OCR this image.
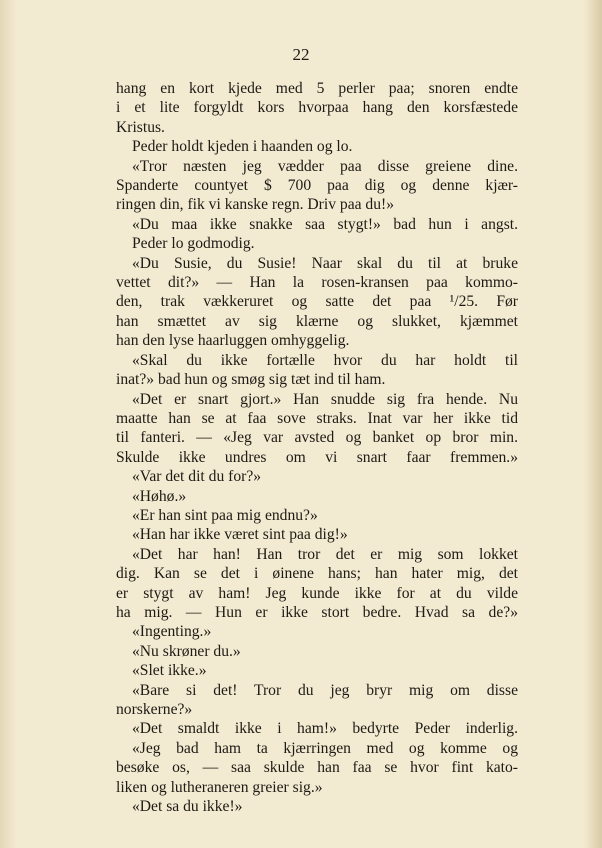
22
hang en kort kjede med 5 perler paa; snoren endte
i et lite forgyldt kors hvorpaa hang den korsfæstede
Kristus.
Peder holdt kjeden i haanden og lo.
«Tror næsten jeg vædder paa disse greiene dine.
Spanderte countyet $ 700 paa dig og denne kjær-
ringen din, fik vi kanske regn. Driv paa du!»
«Du maa ikke snakke saa stygt!» bad hun i angst.
Peder lo godmodig.
«Du Susie, du Susie! Naar skal du til at bruke
vettet dit?» — Han la rosen-kransen paa kommo-
den, trak vækkeruret og satte det paa ¹/25. Før
han smættet av sig klærne og slukket, kjæmmet
han den lyse haarluggen omhyggelig.
«Skal du ikke fortælle hvor du har holdt til
inat?» bad hun og smøg sig tæt ind til ham.
«Det er snart gjort.» Han snudde sig fra hende. Nu
maatte han se at faa sove straks. Inat var her ikke tid
til fanteri. — «Jeg var avsted og banket op bror min.
Skulde ikke undres om vi snart faar fremmen.»
«Var det dit du for?»
«Høhø.»
«Er han sint paa mig endnu?»
«Han har ikke været sint paa dig!»
«Det har han! Han tror det er mig som lokket
dig. Kan se det i øinene hans; han hater mig, det
er stygt av ham! Jeg kunde ikke for at du vilde
ha mig. — Hun er ikke stort bedre. Hvad sa de?»
«Ingenting.»
«Nu skrøner du.»
«Slet ikke.»
«Bare si det! Tror du jeg bryr mig om disse
norskerne?»
«Det smaldt ikke i ham!» bedyrte Peder inderlig.
«Jeg bad ham ta kjærringen med og komme og
besøke os, — saa skulde han faa se hvor fint kato-
liken og lutheraneren greier sig.»
«Det sa du ikke!»
